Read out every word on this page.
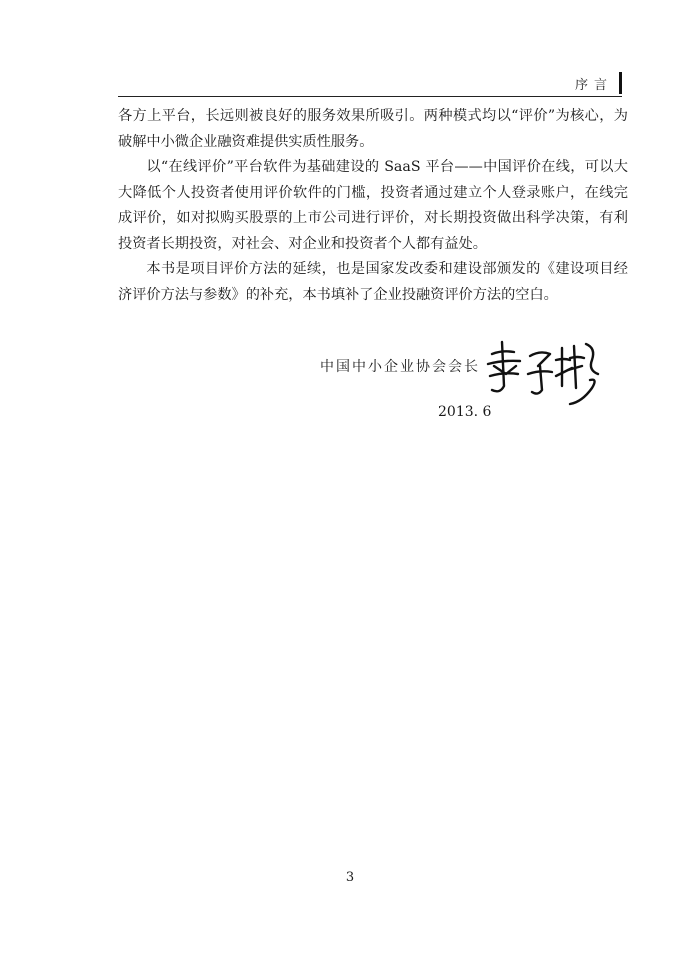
序言

各方上平台，长远则被良好的服务效果所吸引。两种模式均以“评价”为核心，为破解中小微企业融资难提供实质性服务。

以“在线评价”平台软件为基础建设的 SaaS 平台——中国评价在线，可以大大降低个人投资者使用评价软件的门槛，投资者通过建立个人登录账户，在线完成评价，如对拟购买股票的上市公司进行评价，对长期投资做出科学决策，有利投资者长期投资，对社会、对企业和投资者个人都有益处。

本书是项目评价方法的延续，也是国家发改委和建设部颁发的《建设项目经济评价方法与参数》的补充，本书填补了企业投融资评价方法的空白。

中国中小企业协会会长
2013. 6
3
